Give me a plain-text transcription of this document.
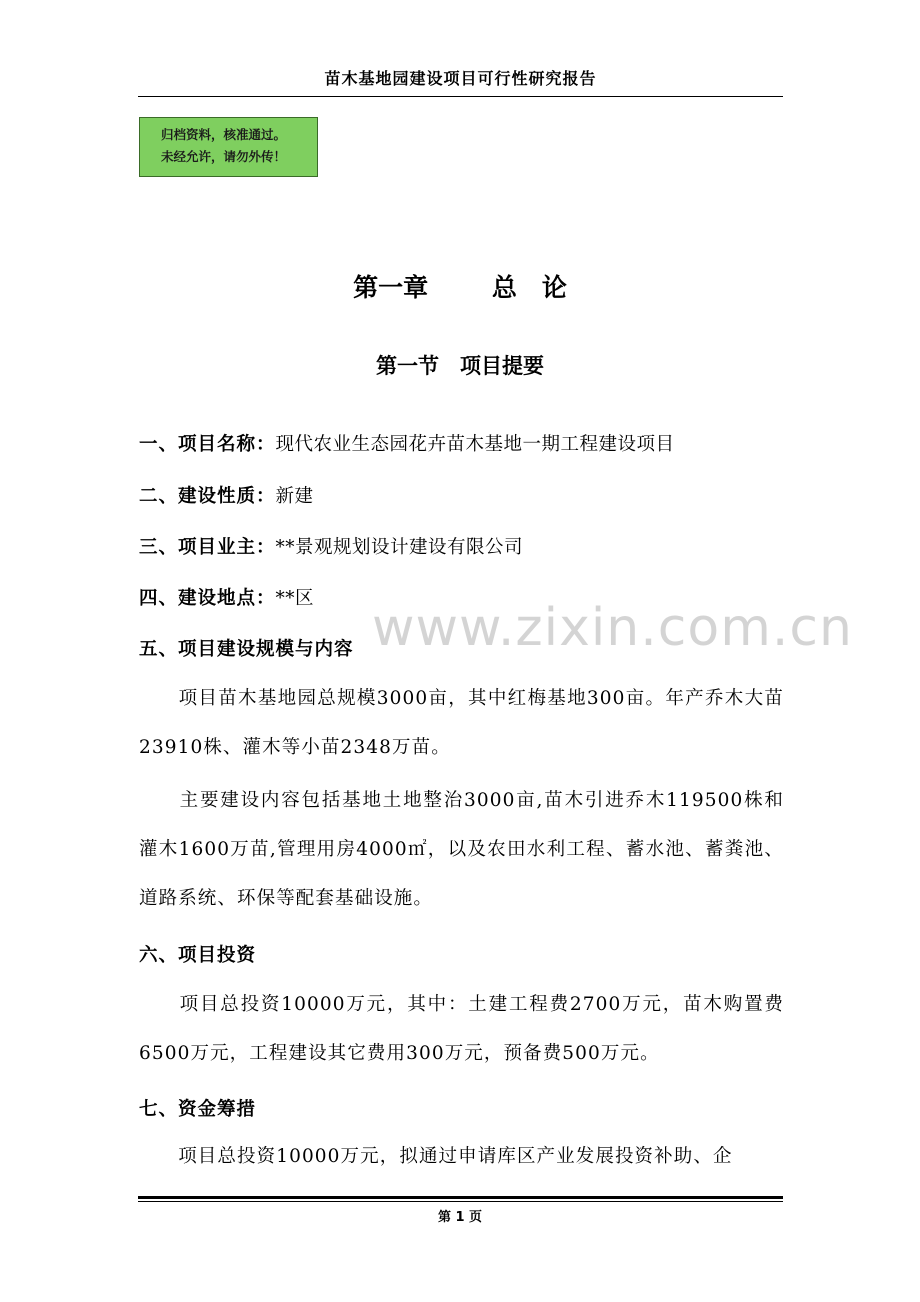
苗木基地园建设项目可行性研究报告
归档资料，核准通过。
未经允许，请勿外传！
第一章　 总　论
第一节　项目提要
一、项目名称：现代农业生态园花卉苗木基地一期工程建设项目
二、建设性质：新建
三、项目业主：**景观规划设计建设有限公司
四、建设地点：**区 www.zixin.com.cn
五、项目建设规模与内容
　　项目苗木基地园总规模3000亩，其中红梅基地300亩。年产乔木大苗23910株、灌木等小苗2348万苗。
　　主要建设内容包括基地土地整治3000亩,苗木引进乔木119500株和灌木1600万苗,管理用房4000㎡，以及农田水利工程、蓄水池、蓄粪池、道路系统、环保等配套基础设施。
六、项目投资
　　项目总投资10000万元，其中：土建工程费2700万元，苗木购置费6500万元，工程建设其它费用300万元，预备费500万元。
七、资金筹措
　　项目总投资10000万元，拟通过申请库区产业发展投资补助、企
第 1 页
